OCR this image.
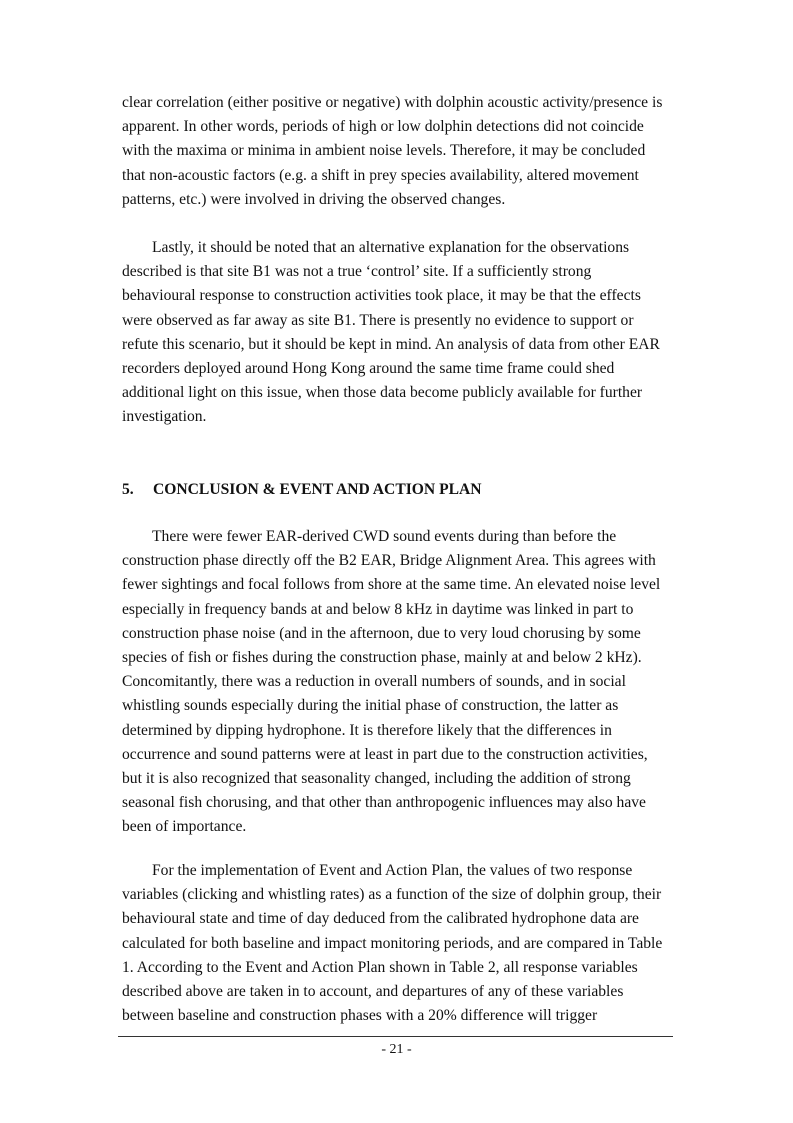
clear correlation (either positive or negative) with dolphin acoustic activity/presence is apparent. In other words, periods of high or low dolphin detections did not coincide with the maxima or minima in ambient noise levels. Therefore, it may be concluded that non-acoustic factors (e.g. a shift in prey species availability, altered movement patterns, etc.) were involved in driving the observed changes.

Lastly, it should be noted that an alternative explanation for the observations described is that site B1 was not a true ‘control’ site. If a sufficiently strong behavioural response to construction activities took place, it may be that the effects were observed as far away as site B1. There is presently no evidence to support or refute this scenario, but it should be kept in mind. An analysis of data from other EAR recorders deployed around Hong Kong around the same time frame could shed additional light on this issue, when those data become publicly available for further investigation.

5. CONCLUSION & EVENT AND ACTION PLAN

There were fewer EAR-derived CWD sound events during than before the construction phase directly off the B2 EAR, Bridge Alignment Area. This agrees with fewer sightings and focal follows from shore at the same time. An elevated noise level especially in frequency bands at and below 8 kHz in daytime was linked in part to construction phase noise (and in the afternoon, due to very loud chorusing by some species of fish or fishes during the construction phase, mainly at and below 2 kHz). Concomitantly, there was a reduction in overall numbers of sounds, and in social whistling sounds especially during the initial phase of construction, the latter as determined by dipping hydrophone. It is therefore likely that the differences in occurrence and sound patterns were at least in part due to the construction activities, but it is also recognized that seasonality changed, including the addition of strong seasonal fish chorusing, and that other than anthropogenic influences may also have been of importance.

For the implementation of Event and Action Plan, the values of two response variables (clicking and whistling rates) as a function of the size of dolphin group, their behavioural state and time of day deduced from the calibrated hydrophone data are calculated for both baseline and impact monitoring periods, and are compared in Table 1. According to the Event and Action Plan shown in Table 2, all response variables described above are taken in to account, and departures of any of these variables between baseline and construction phases with a 20% difference will trigger

- 21 -
